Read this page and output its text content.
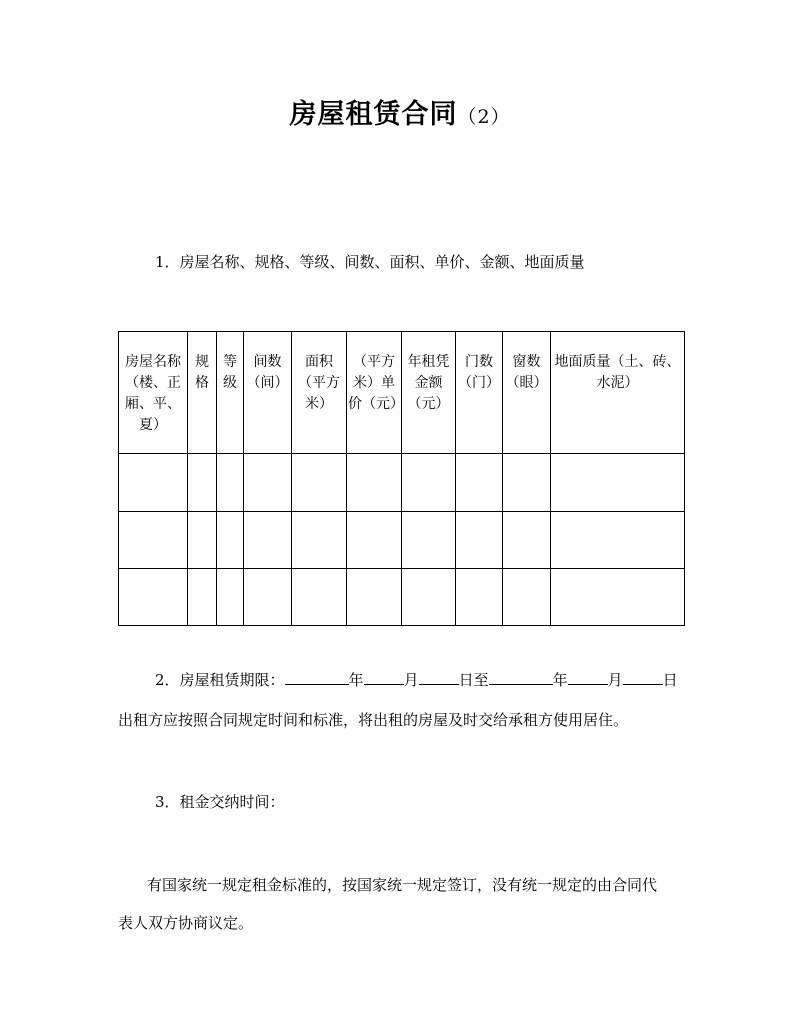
房屋租赁合同（2）
1．房屋名称、规格、等级、间数、面积、单价、金额、地面质量
房屋名称（楼、正厢、平、夏）	规格	等级	间数（间）	面积（平方米）	（平方米）单价（元）	年租凭金额（元）	门数（门）	窗数（眼）	地面质量（土、砖、水泥）

2．房屋租赁期限：	年	月	日至	年	月	日
出租方应按照合同规定时间和标准，将出租的房屋及时交给承租方使用居住。
3．租金交纳时间：
有国家统一规定租金标准的，按国家统一规定签订，没有统一规定的由合同代
表人双方协商议定。
